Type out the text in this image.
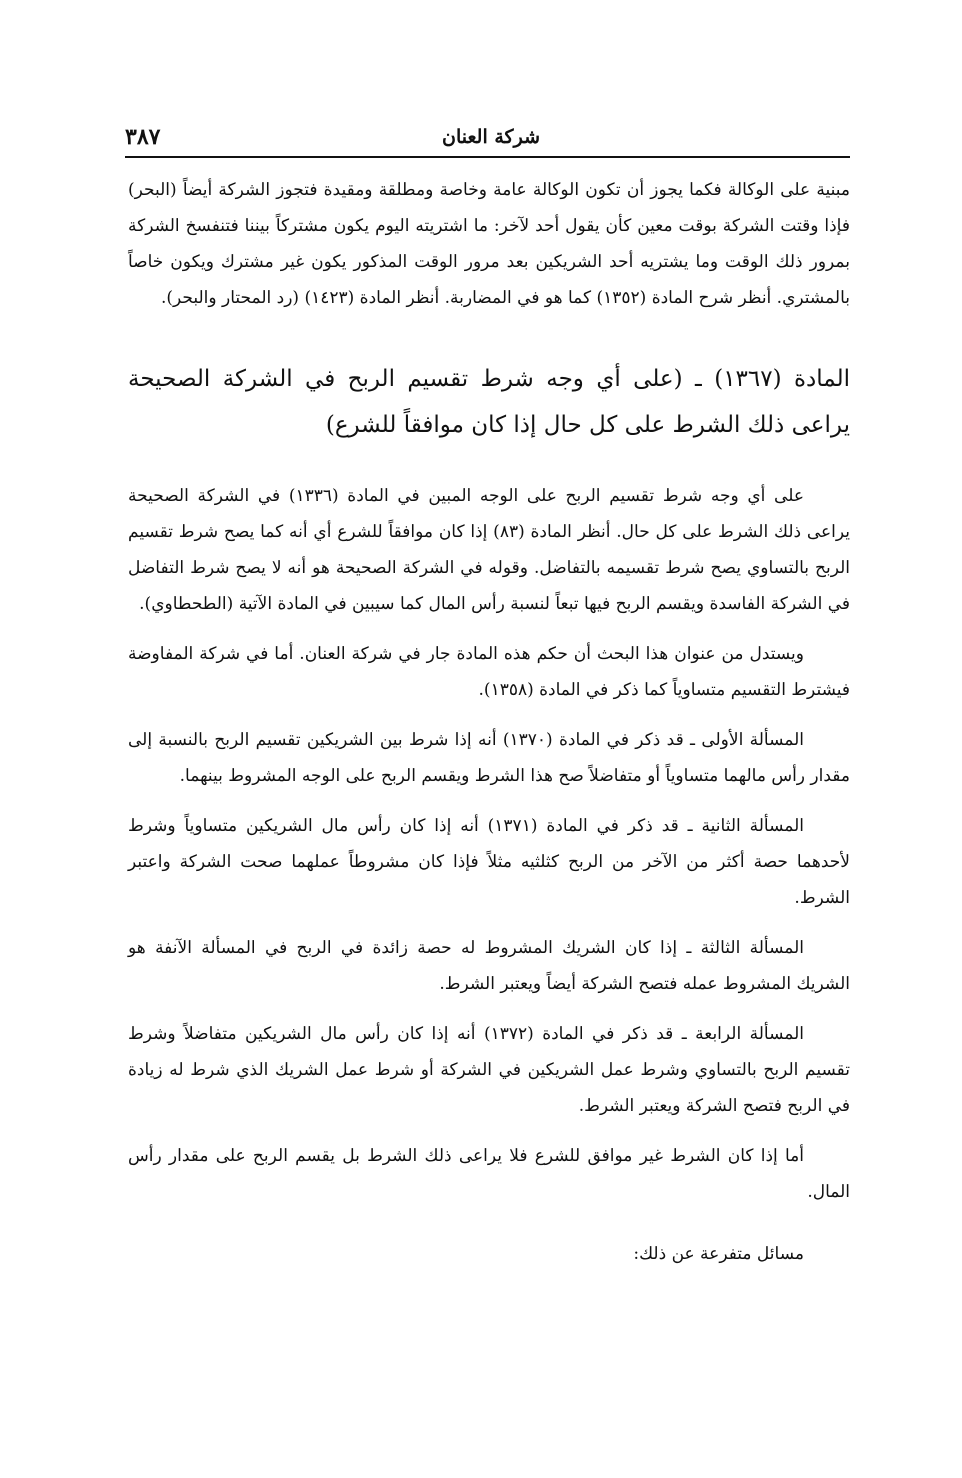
شركة العنان
٣٨٧

مبنية على الوكالة فكما يجوز أن تكون الوكالة عامة وخاصة ومطلقة ومقيدة فتجوز الشركة أيضاً (البحر) فإذا وقتت الشركة بوقت معين كأن يقول أحد لآخر: ما اشتريته اليوم يكون مشتركاً بيننا فتنفسخ الشركة بمرور ذلك الوقت وما يشتريه أحد الشريكين بعد مرور الوقت المذكور يكون غير مشترك ويكون خاصاً بالمشتري. أنظر شرح المادة (١٣٥٢) كما هو في المضاربة. أنظر المادة (١٤٢٣) (رد المحتار والبحر).

المادة (١٣٦٧) ـ (على أي وجه شرط تقسيم الربح في الشركة الصحيحة يراعى ذلك الشرط على كل حال إذا كان موافقاً للشرع)

على أي وجه شرط تقسيم الربح على الوجه المبين في المادة (١٣٣٦) في الشركة الصحيحة يراعى ذلك الشرط على كل حال. أنظر المادة (٨٣) إذا كان موافقاً للشرع أي أنه كما يصح شرط تقسيم الربح بالتساوي يصح شرط تقسيمه بالتفاضل. وقوله في الشركة الصحيحة هو أنه لا يصح شرط التفاضل في الشركة الفاسدة ويقسم الربح فيها تبعاً لنسبة رأس المال كما سيبين في المادة الآتية (الطحطاوي).

ويستدل من عنوان هذا البحث أن حكم هذه المادة جار في شركة العنان. أما في شركة المفاوضة فيشترط التقسيم متساوياً كما ذكر في المادة (١٣٥٨).

المسألة الأولى ـ قد ذكر في المادة (١٣٧٠) أنه إذا شرط بين الشريكين تقسيم الربح بالنسبة إلى مقدار رأس مالهما متساوياً أو متفاضلاً صح هذا الشرط ويقسم الربح على الوجه المشروط بينهما.

المسألة الثانية ـ قد ذكر في المادة (١٣٧١) أنه إذا كان رأس مال الشريكين متساوياً وشرط لأحدهما حصة أكثر من الآخر من الربح كثلثيه مثلاً فإذا كان مشروطاً عملهما صحت الشركة واعتبر الشرط.

المسألة الثالثة ـ إذا كان الشريك المشروط له حصة زائدة في الربح في المسألة الآنفة هو الشريك المشروط عمله فتصح الشركة أيضاً ويعتبر الشرط.

المسألة الرابعة ـ قد ذكر في المادة (١٣٧٢) أنه إذا كان رأس مال الشريكين متفاضلاً وشرط تقسيم الربح بالتساوي وشرط عمل الشريكين في الشركة أو شرط عمل الشريك الذي شرط له زيادة في الربح فتصح الشركة ويعتبر الشرط.

أما إذا كان الشرط غير موافق للشرع فلا يراعى ذلك الشرط بل يقسم الربح على مقدار رأس المال.

مسائل متفرعة عن ذلك:
